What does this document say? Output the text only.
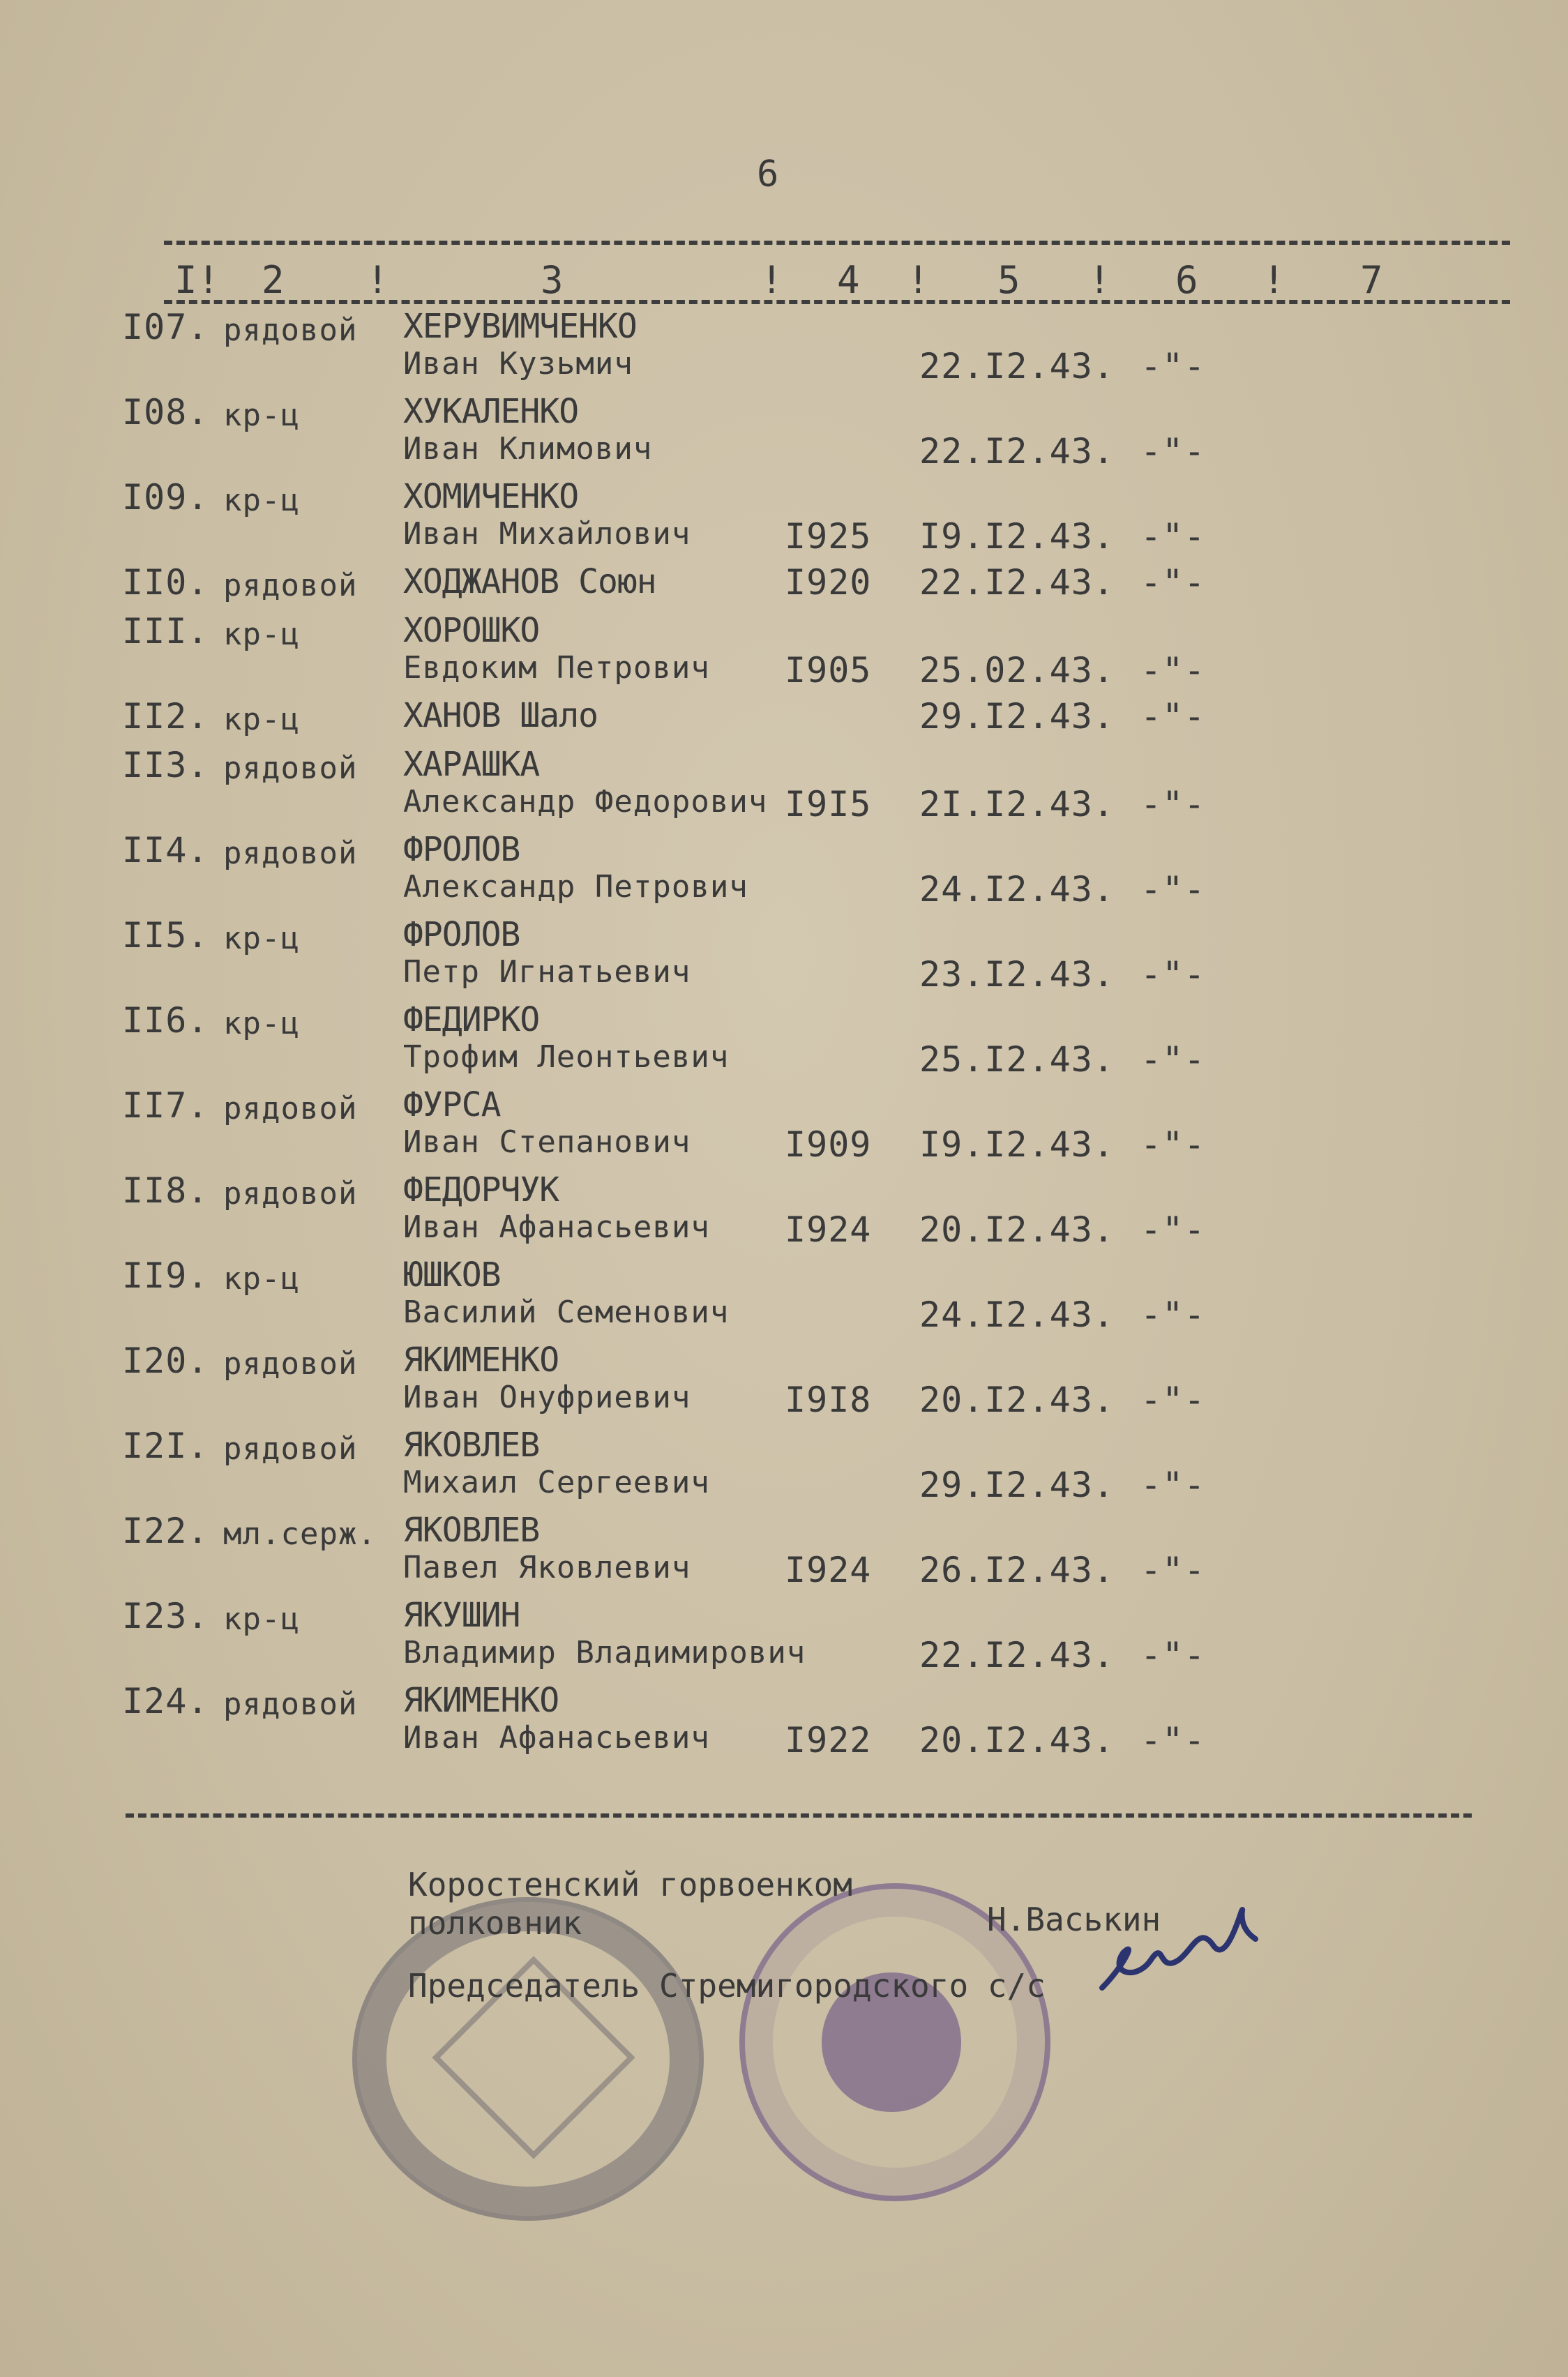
6
I! 2 !	3	! 4 ! 5 ! 6 ! 7
I07. рядовой ХЕРУВИМЧЕНКО
Иван Кузьмич	22.I2.43. -"-
I08. кр-ц	ХУКАЛЕНКО
Иван Климович	22.I2.43. -"-
I09. кр-ц	ХОМИЧЕНКО
Иван Михайлович	I925 I9.I2.43. -"-
II0. рядовой ХОДЖАНОВ Союн	I920 22.I2.43. -"-
III. кр-ц	ХОРОШКО
Евдоким Петрович I905 25.02.43. -"-
II2. кр-ц	ХАНОВ Шало	29.I2.43. -"-
II3. рядовой ХАРАШКА
Александр Федорович I9I5 2I.I2.43. -"-
II4. рядовой ФРОЛОВ
Александр Петрович	24.I2.43. -"-
II5. кр-ц	ФРОЛОВ
Петр Игнатьевич	23.I2.43. -"-
II6. кр-ц	ФЕДИРКО
Трофим Леонтьевич	25.I2.43. -"-
II7. рядовой ФУРСА
Иван Степанович	I909 I9.I2.43. -"-
II8. рядовой ФЕДОРЧУК
Иван Афанасьевич I924 20.I2.43. -"-
II9. кр-ц	ЮШКОВ
Василий Семенович	24.I2.43. -"-
I20. рядовой ЯКИМЕНКО
Иван Онуфриевич	I9I8 20.I2.43. -"-
I2I. рядовой ЯКОВЛЕВ
Михаил Сергеевич	29.I2.43. -"-
I22. мл.серж. ЯКОВЛЕВ
Павел Яковлевич	I924 26.I2.43. -"-
I23. кр-ц	ЯКУШИН
Владимир Владимирович	22.I2.43. -"-
I24. рядовой ЯКИМЕНКО
Иван Афанасьевич I922 20.I2.43. -"-
Коростенский горвоенком
полковник	Н.Васькин
Председатель Стремигородского с/с
